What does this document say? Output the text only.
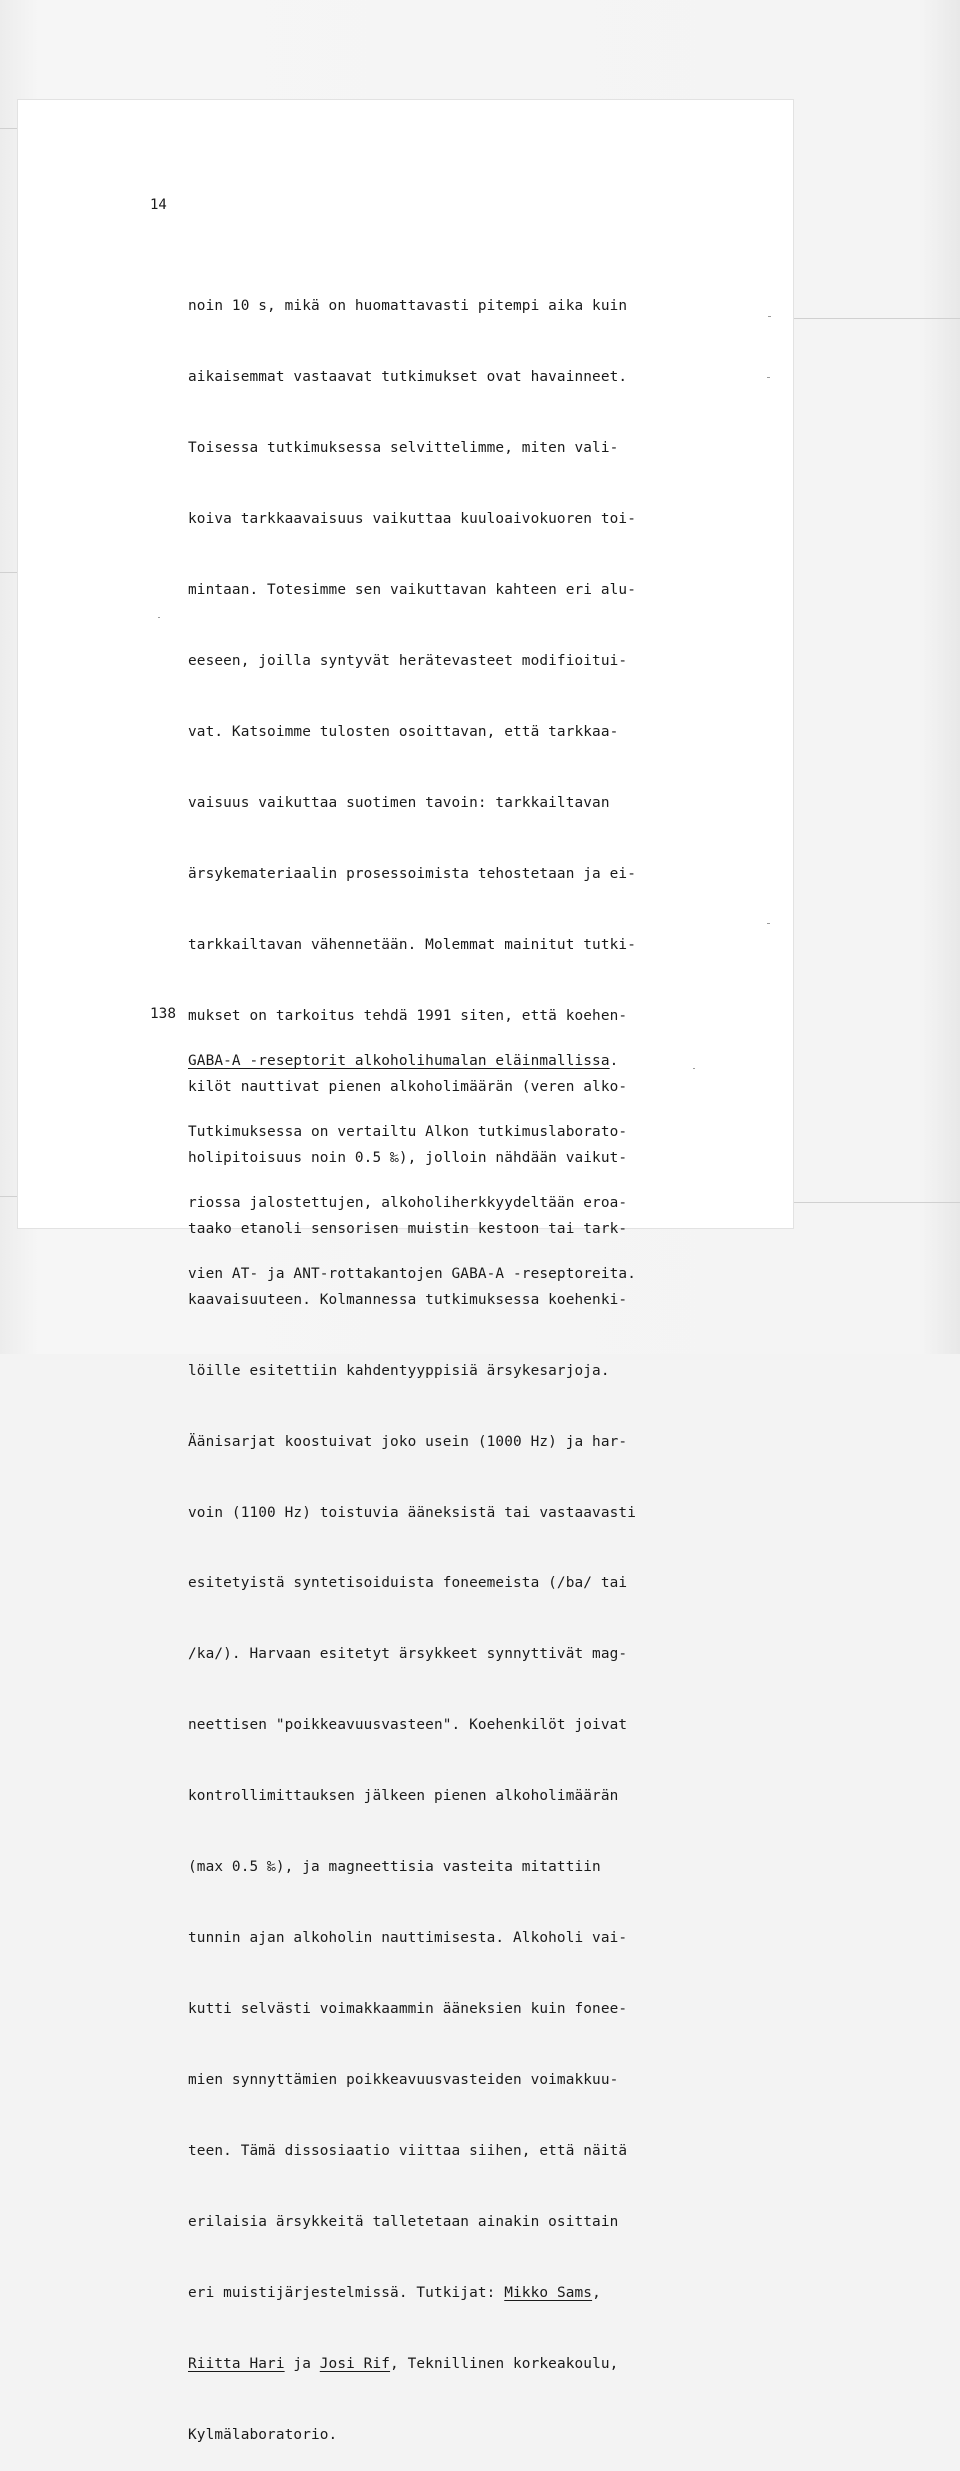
14

noin 10 s, mikä on huomattavasti pitempi aika kuin

aikaisemmat vastaavat tutkimukset ovat havainneet.

Toisessa tutkimuksessa selvittelimme, miten vali-

koiva tarkkaavaisuus vaikuttaa kuuloaivokuoren toi-

mintaan. Totesimme sen vaikuttavan kahteen eri alu-

eeseen, joilla syntyvät herätevasteet modifioitui-

vat. Katsoimme tulosten osoittavan, että tarkkaa-

vaisuus vaikuttaa suotimen tavoin: tarkkailtavan

ärsykemateriaalin prosessoimista tehostetaan ja ei-

tarkkailtavan vähennetään. Molemmat mainitut tutki-

mukset on tarkoitus tehdä 1991 siten, että koehen-

kilöt nauttivat pienen alkoholimäärän (veren alko-

holipitoisuus noin 0.5 ‰), jolloin nähdään vaikut-

taako etanoli sensorisen muistin kestoon tai tark-

kaavaisuuteen. Kolmannessa tutkimuksessa koehenki-

löille esitettiin kahdentyyppisiä ärsykesarjoja.

Äänisarjat koostuivat joko usein (1000 Hz) ja har-

voin (1100 Hz) toistuvia ääneksistä tai vastaavasti

esitetyistä syntetisoiduista foneemeista (/ba/ tai

/ka/). Harvaan esitetyt ärsykkeet synnyttivät mag-

neettisen "poikkeavuusvasteen". Koehenkilöt joivat

kontrollimittauksen jälkeen pienen alkoholimäärän

(max 0.5 ‰), ja magneettisia vasteita mitattiin

tunnin ajan alkoholin nauttimisesta. Alkoholi vai-

kutti selvästi voimakkaammin ääneksien kuin fonee-

mien synnyttämien poikkeavuusvasteiden voimakkuu-

teen. Tämä dissosiaatio viittaa siihen, että näitä

erilaisia ärsykkeitä talletetaan ainakin osittain

eri muistijärjestelmissä. Tutkijat: Mikko Sams,

Riitta Hari ja Josi Rif, Teknillinen korkeakoulu,

Kylmälaboratorio.

138

GABA-A -reseptorit alkoholihumalan eläinmallissa.

Tutkimuksessa on vertailtu Alkon tutkimuslaborato-

riossa jalostettujen, alkoholiherkkyydeltään eroa-

vien AT- ja ANT-rottakantojen GABA-A -reseptoreita.
